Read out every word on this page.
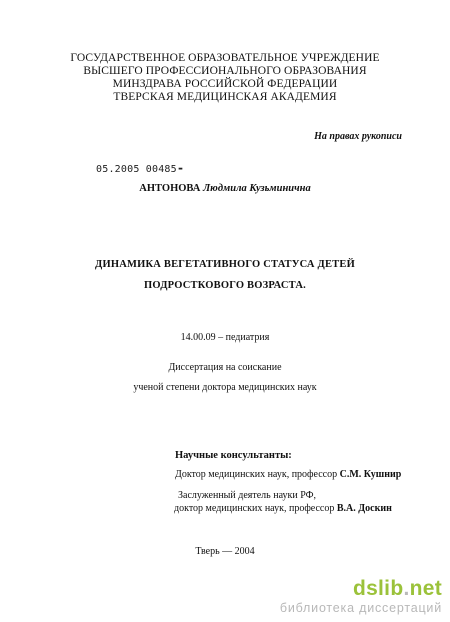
ГОСУДАРСТВЕННОЕ ОБРАЗОВАТЕЛЬНОЕ УЧРЕЖДЕНИЕ
ВЫСШЕГО ПРОФЕССИОНАЛЬНОГО ОБРАЗОВАНИЯ
МИНЗДРАВА РОССИЙСКОЙ ФЕДЕРАЦИИ
ТВЕРСКАЯ МЕДИЦИНСКАЯ АКАДЕМИЯ
На правах рукописи
05.2005 00485-
АНТОНОВА Людмила Кузьминична
ДИНАМИКА ВЕГЕТАТИВНОГО СТАТУСА ДЕТЕЙ
ПОДРОСТКОВОГО ВОЗРАСТА.
14.00.09 – педиатрия
Диссертация на соискание
ученой степени доктора медицинских наук
Научные консультанты:
Доктор медицинских наук, профессор С.М. Кушнир
Заслуженный деятель науки РФ,
доктор медицинских наук, профессор В.А. Доскин
Тверь — 2004
dslib.net
библиотека диссертаций
